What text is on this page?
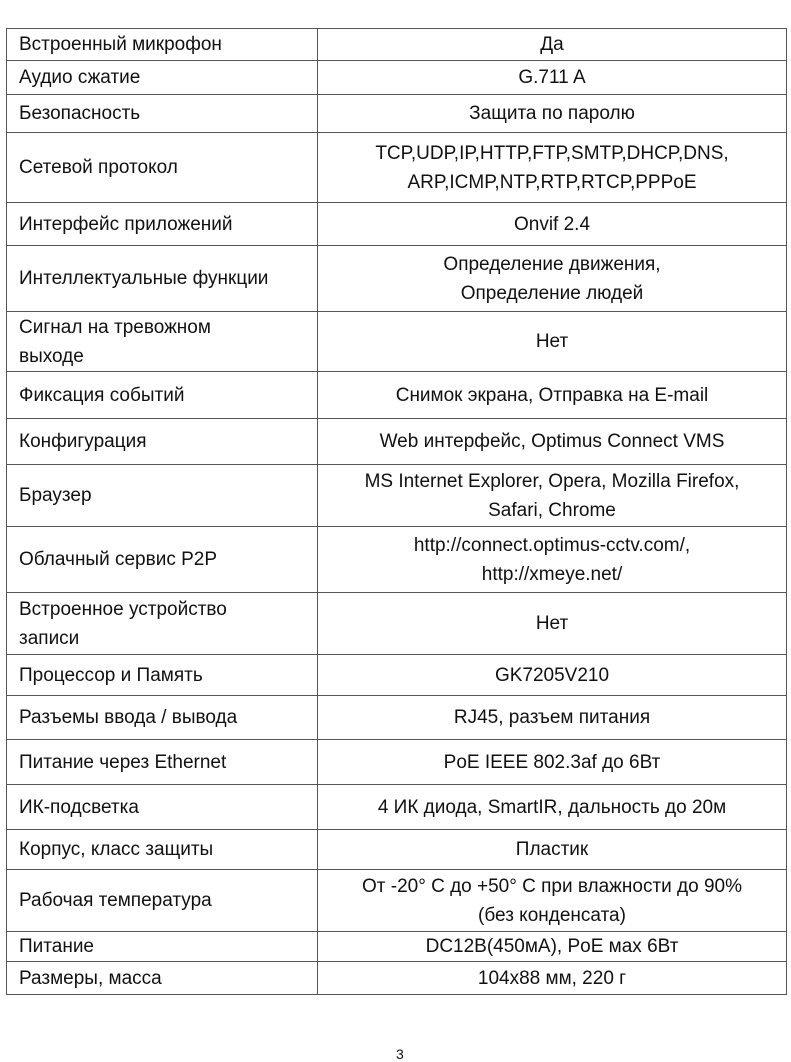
Встроенный микрофон	Да
Аудио сжатие	G.711 A
Безопасность	Защита по паролю
Сетевой протокол	TCP,UDP,IP,HTTP,FTP,SMTP,DHCP,DNS,
ARP,ICMP,NTP,RTP,RTCP,PPPoE
Интерфейс приложений	Onvif 2.4
Интеллектуальные функции	Определение движения,
Определение людей
Сигнал на тревожном
выходе	Нет
Фиксация событий	Снимок экрана, Отправка на E-mail
Конфигурация	Web интерфейс, Optimus Connect VMS
Браузер	MS Internet Explorer, Opera, Mozilla Firefox,
Safari, Chrome
Облачный сервис P2P	http://connect.optimus-cctv.com/,
http://xmeye.net/
Встроенное устройство
записи	Нет
Процессор и Память	GK7205V210
Разъемы ввода / вывода	RJ45, разъем питания
Питание через Ethernet	PoE IEEE 802.3af до 6Вт
ИК-подсветка	4 ИК диода, SmartIR, дальность до 20м
Корпус, класс защиты	Пластик
Рабочая температура	От -20° С до +50° С при влажности до 90%
(без конденсата)
Питание	DC12В(450мА), PoE мах 6Вт
Размеры, масса	104x88 мм, 220 г
3
